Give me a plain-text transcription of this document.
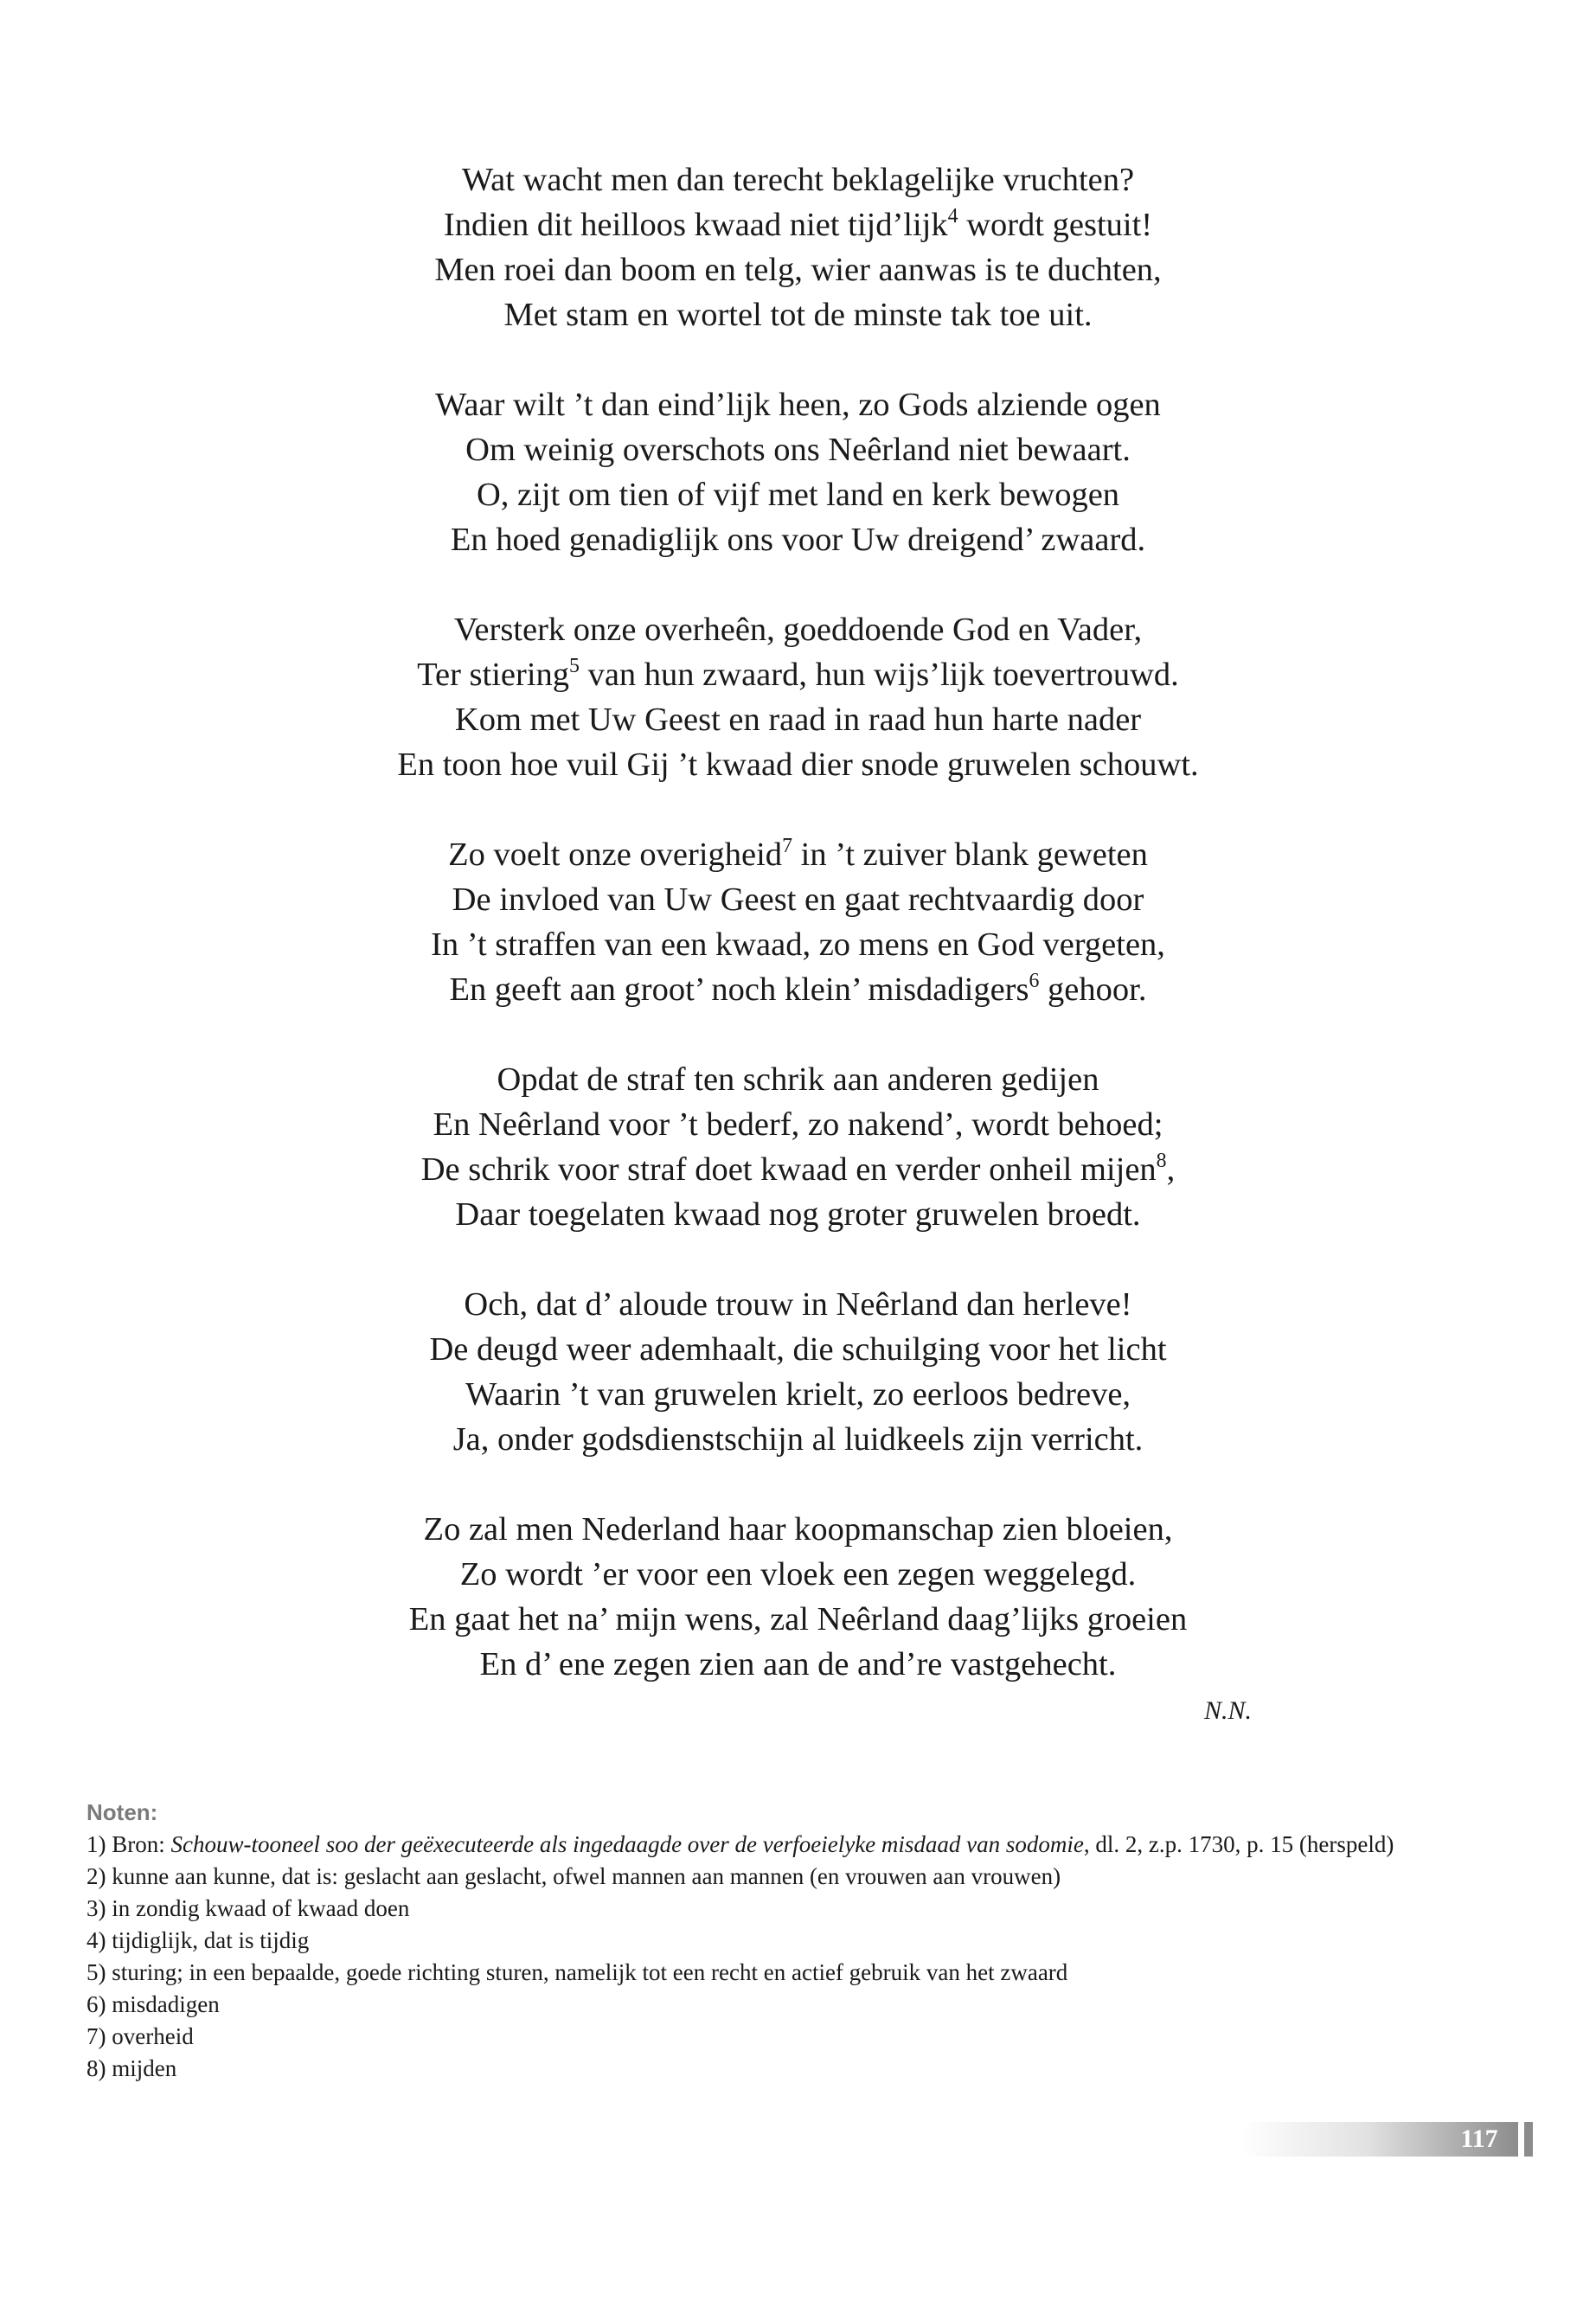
Wat wacht men dan terecht beklagelijke vruchten?
Indien dit heilloos kwaad niet tijd’lijk$^4$ wordt gestuit!
Men roei dan boom en telg, wier aanwas is te duchten,
Met stam en wortel tot de minste tak toe uit.
Waar wilt ’t dan eind’lijk heen, zo Gods alziende ogen
Om weinig overschots ons Neêrland niet bewaart.
O, zijt om tien of vijf met land en kerk bewogen
En hoed genadiglijk ons voor Uw dreigend’ zwaard.
Versterk onze overheên, goeddoende God en Vader,
Ter stiering$^5$ van hun zwaard, hun wijs’lijk toevertrouwd.
Kom met Uw Geest en raad in raad hun harte nader
En toon hoe vuil Gij ’t kwaad dier snode gruwelen schouwt.
Zo voelt onze overigheid$^7$ in ’t zuiver blank geweten
De invloed van Uw Geest en gaat rechtvaardig door
In ’t straffen van een kwaad, zo mens en God vergeten,
En geeft aan groot’ noch klein’ misdadigers$^6$ gehoor.
Opdat de straf ten schrik aan anderen gedijen
En Neêrland voor ’t bederf, zo nakend’, wordt behoed;
De schrik voor straf doet kwaad en verder onheil mijen$^8$,
Daar toegelaten kwaad nog groter gruwelen broedt.
Och, dat d’ aloude trouw in Neêrland dan herleve!
De deugd weer ademhaalt, die schuilging voor het licht
Waarin ’t van gruwelen krielt, zo eerloos bedreve,
Ja, onder godsdienstschijn al luidkeels zijn verricht.
Zo zal men Nederland haar koopmanschap zien bloeien,
Zo wordt ’er voor een vloek een zegen weggelegd.
En gaat het na’ mijn wens, zal Neêrland daag’lijks groeien
En d’ ene zegen zien aan de and’re vastgehecht.
N.N.
Noten:
1) Bron: Schouw-tooneel soo der geëxecuteerde als ingedaagde over de verfoeielyke misdaad van sodomie, dl. 2, z.p. 1730, p. 15 (herspeld)
2) kunne aan kunne, dat is: geslacht aan geslacht, ofwel mannen aan mannen (en vrouwen aan vrouwen)
3) in zondig kwaad of kwaad doen
4) tijdiglijk, dat is tijdig
5) sturing; in een bepaalde, goede richting sturen, namelijk tot een recht en actief gebruik van het zwaard
6) misdadigen
7) overheid
8) mijden
117
